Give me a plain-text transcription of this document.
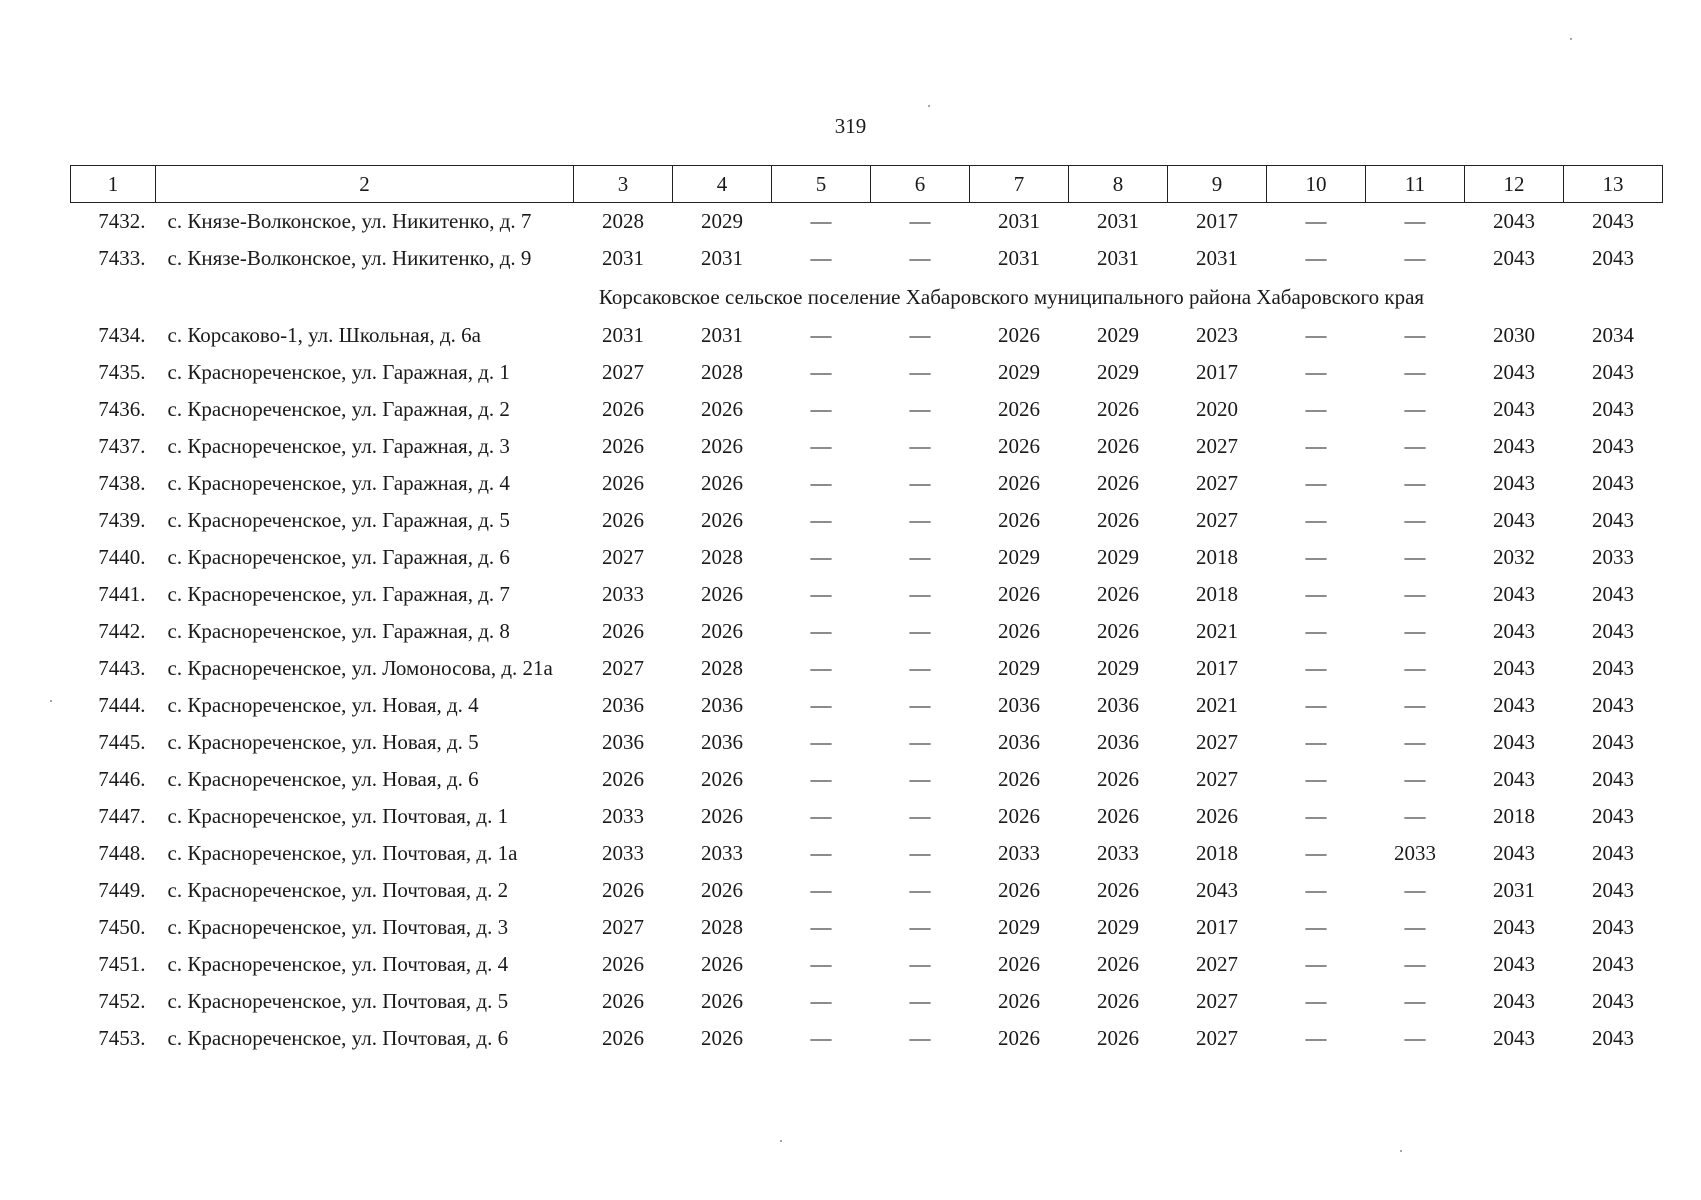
319
1	2	3	4	5	6	7	8	9	10	11	12	13
7432.	с. Князе-Волконское, ул. Никитенко, д. 7	2028	2029	—	—	2031	2031	2017	—	—	2043	2043
7433.	с. Князе-Волконское, ул. Никитенко, д. 9	2031	2031	—	—	2031	2031	2031	—	—	2043	2043
Корсаковское сельское поселение Хабаровского муниципального района Хабаровского края												
7434.	с. Корсаково-1, ул. Школьная, д. 6а	2031	2031	—	—	2026	2029	2023	—	—	2030	2034
7435.	с. Краснореченское, ул. Гаражная, д. 1	2027	2028	—	—	2029	2029	2017	—	—	2043	2043
7436.	с. Краснореченское, ул. Гаражная, д. 2	2026	2026	—	—	2026	2026	2020	—	—	2043	2043
7437.	с. Краснореченское, ул. Гаражная, д. 3	2026	2026	—	—	2026	2026	2027	—	—	2043	2043
7438.	с. Краснореченское, ул. Гаражная, д. 4	2026	2026	—	—	2026	2026	2027	—	—	2043	2043
7439.	с. Краснореченское, ул. Гаражная, д. 5	2026	2026	—	—	2026	2026	2027	—	—	2043	2043
7440.	с. Краснореченское, ул. Гаражная, д. 6	2027	2028	—	—	2029	2029	2018	—	—	2032	2033
7441.	с. Краснореченское, ул. Гаражная, д. 7	2033	2026	—	—	2026	2026	2018	—	—	2043	2043
7442.	с. Краснореченское, ул. Гаражная, д. 8	2026	2026	—	—	2026	2026	2021	—	—	2043	2043
7443.	с. Краснореченское, ул. Ломоносова, д. 21а	2027	2028	—	—	2029	2029	2017	—	—	2043	2043
7444.	с. Краснореченское, ул. Новая, д. 4	2036	2036	—	—	2036	2036	2021	—	—	2043	2043
7445.	с. Краснореченское, ул. Новая, д. 5	2036	2036	—	—	2036	2036	2027	—	—	2043	2043
7446.	с. Краснореченское, ул. Новая, д. 6	2026	2026	—	—	2026	2026	2027	—	—	2043	2043
7447.	с. Краснореченское, ул. Почтовая, д. 1	2033	2026	—	—	2026	2026	2026	—	—	2018	2043
7448.	с. Краснореченское, ул. Почтовая, д. 1а	2033	2033	—	—	2033	2033	2018	—	2033	2043	2043
7449.	с. Краснореченское, ул. Почтовая, д. 2	2026	2026	—	—	2026	2026	2043	—	—	2031	2043
7450.	с. Краснореченское, ул. Почтовая, д. 3	2027	2028	—	—	2029	2029	2017	—	—	2043	2043
7451.	с. Краснореченское, ул. Почтовая, д. 4	2026	2026	—	—	2026	2026	2027	—	—	2043	2043
7452.	с. Краснореченское, ул. Почтовая, д. 5	2026	2026	—	—	2026	2026	2027	—	—	2043	2043
7453.	с. Краснореченское, ул. Почтовая, д. 6	2026	2026	—	—	2026	2026	2027	—	—	2043	2043
